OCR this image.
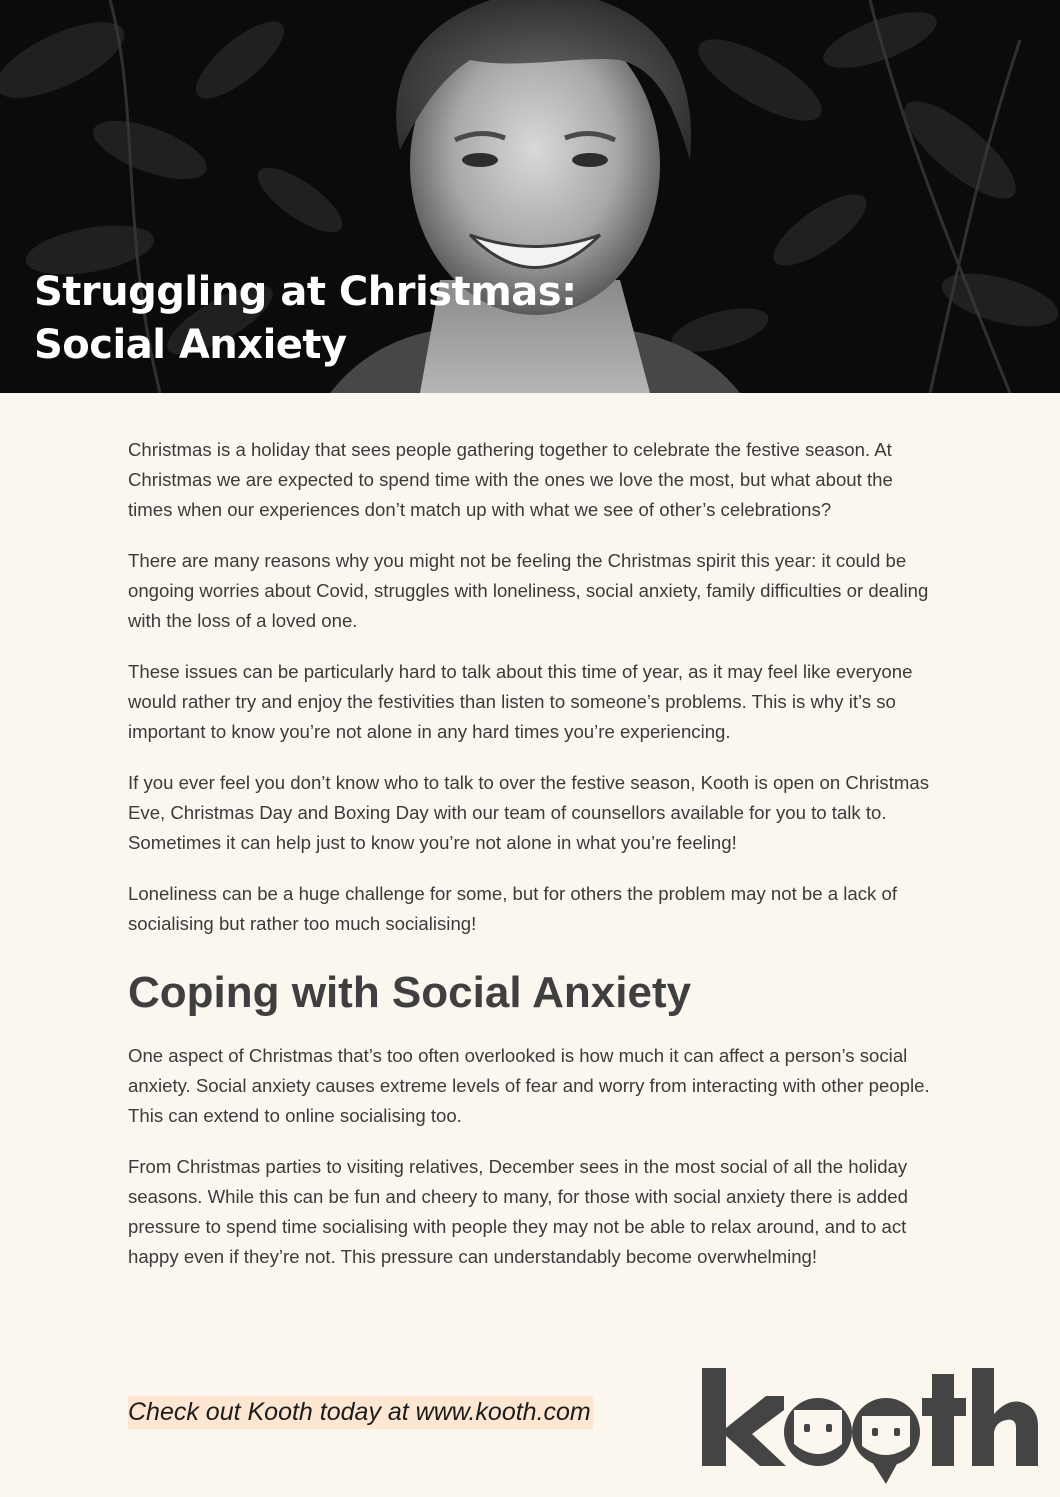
Struggling at Christmas:
Social Anxiety

Christmas is a holiday that sees people gathering together to celebrate the festive season. At Christmas we are expected to spend time with the ones we love the most, but what about the times when our experiences don’t match up with what we see of other’s celebrations?

There are many reasons why you might not be feeling the Christmas spirit this year: it could be ongoing worries about Covid, struggles with loneliness, social anxiety, family difficulties or dealing with the loss of a loved one.

These issues can be particularly hard to talk about this time of year, as it may feel like everyone would rather try and enjoy the festivities than listen to someone’s problems. This is why it’s so important to know you’re not alone in any hard times you’re experiencing.

If you ever feel you don’t know who to talk to over the festive season, Kooth is open on Christmas Eve, Christmas Day and Boxing Day with our team of counsellors available for you to talk to. Sometimes it can help just to know you’re not alone in what you’re feeling!

Loneliness can be a huge challenge for some, but for others the problem may not be a lack of socialising but rather too much socialising!

Coping with Social Anxiety

One aspect of Christmas that’s too often overlooked is how much it can affect a person’s social anxiety. Social anxiety causes extreme levels of fear and worry from interacting with other people. This can extend to online socialising too.

From Christmas parties to visiting relatives, December sees in the most social of all the holiday seasons. While this can be fun and cheery to many, for those with social anxiety there is added pressure to spend time socialising with people they may not be able to relax around, and to act happy even if they’re not. This pressure can understandably become overwhelming!

Check out Kooth today at www.kooth.com
